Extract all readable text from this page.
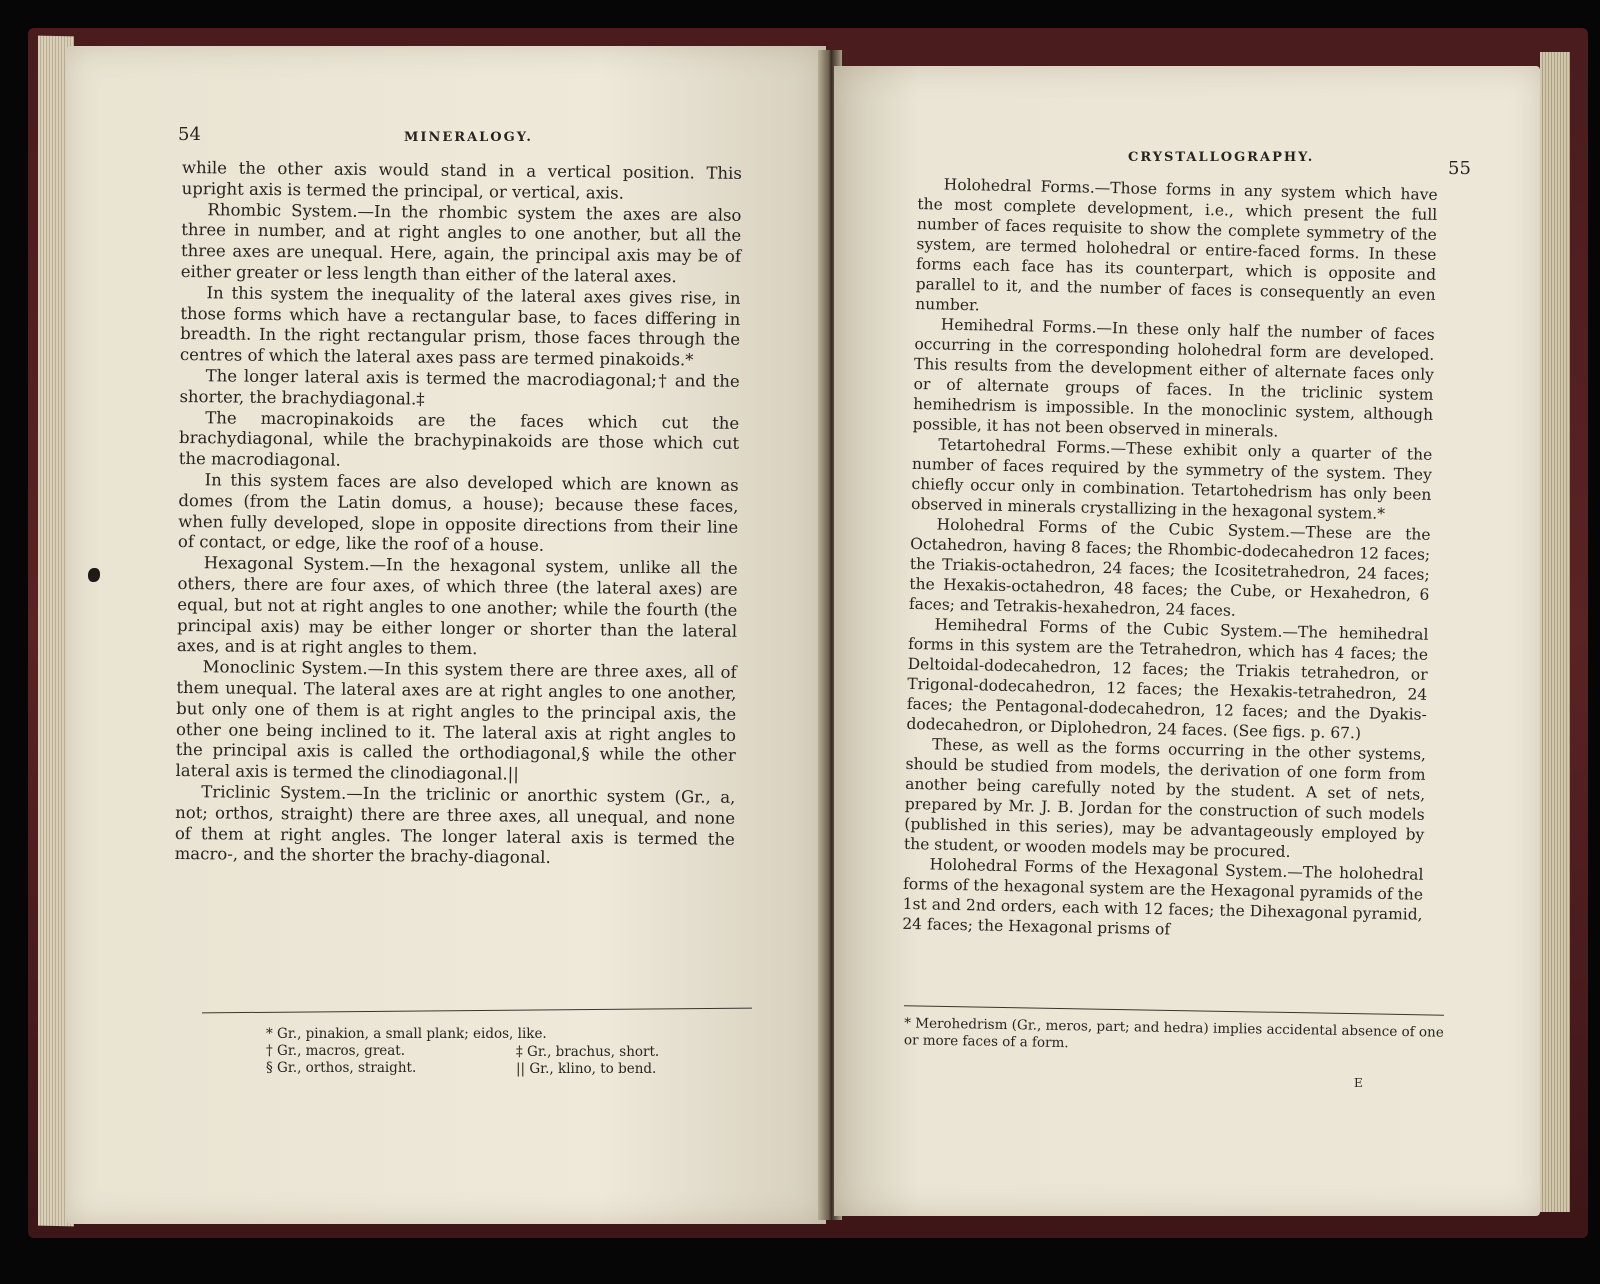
54	MINERALOGY.

while the other axis would stand in a vertical position. This upright axis is termed the principal, or vertical, axis.

Rhombic System.—In the rhombic system the axes are also three in number, and at right angles to one another, but all the three axes are unequal. Here, again, the principal axis may be of either greater or less length than either of the lateral axes.

In this system the inequality of the lateral axes gives rise, in those forms which have a rectangular base, to faces differing in breadth. In the right rectangular prism, those faces through the centres of which the lateral axes pass are termed pinakoids.*

The longer lateral axis is termed the macrodiagonal;† and the shorter, the brachydiagonal.‡

The macropinakoids are the faces which cut the brachydiagonal, while the brachypinakoids are those which cut the macrodiagonal.

In this system faces are also developed which are known as domes (from the Latin domus, a house); because these faces, when fully developed, slope in opposite directions from their line of contact, or edge, like the roof of a house.

Hexagonal System.—In the hexagonal system, unlike all the others, there are four axes, of which three (the lateral axes) are equal, but not at right angles to one another; while the fourth (the principal axis) may be either longer or shorter than the lateral axes, and is at right angles to them.

Monoclinic System.—In this system there are three axes, all of them unequal. The lateral axes are at right angles to one another, but only one of them is at right angles to the principal axis, the other one being inclined to it. The lateral axis at right angles to the principal axis is called the orthodiagonal,§ while the other lateral axis is termed the clinodiagonal.||

Triclinic System.—In the triclinic or anorthic system (Gr., a, not; orthos, straight) there are three axes, all unequal, and none of them at right angles. The longer lateral axis is termed the macro-, and the shorter the brachy-diagonal.

* Gr., pinakion, a small plank; eidos, like.
† Gr., macros, great.
§ Gr., orthos, straight.
‡ Gr., brachus, short.
|| Gr., klino, to bend.
CRYSTALLOGRAPHY.
55

Holohedral Forms.—Those forms in any system which have the most complete development, i.e., which present the full number of faces requisite to show the complete symmetry of the system, are termed holohedral or entire-faced forms. In these forms each face has its counterpart, which is opposite and parallel to it, and the number of faces is consequently an even number.

Hemihedral Forms.—In these only half the number of faces occurring in the corresponding holohedral form are developed. This results from the development either of alternate faces only or of alternate groups of faces. In the triclinic system hemihedrism is impossible. In the monoclinic system, although possible, it has not been observed in minerals.

Tetartohedral Forms.—These exhibit only a quarter of the number of faces required by the symmetry of the system. They chiefly occur only in combination. Tetartohedrism has only been observed in minerals crystallizing in the hexagonal system.*

Holohedral Forms of the Cubic System.—These are the Octahedron, having 8 faces; the Rhombic-dodecahedron 12 faces; the Triakis-octahedron, 24 faces; the Icositetrahedron, 24 faces; the Hexakis-octahedron, 48 faces; the Cube, or Hexahedron, 6 faces; and Tetrakis-hexahedron, 24 faces.

Hemihedral Forms of the Cubic System.—The hemihedral forms in this system are the Tetrahedron, which has 4 faces; the Deltoidal-dodecahedron, 12 faces; the Triakis tetrahedron, or Trigonal-dodecahedron, 12 faces; the Hexakis-tetrahedron, 24 faces; the Pentagonal-dodecahedron, 12 faces; and the Dyakis-dodecahedron, or Diplohedron, 24 faces. (See figs. p. 67.)

These, as well as the forms occurring in the other systems, should be studied from models, the derivation of one form from another being carefully noted by the student. A set of nets, prepared by Mr. J. B. Jordan for the construction of such models (published in this series), may be advantageously employed by the student, or wooden models may be procured.

Holohedral Forms of the Hexagonal System.—The holohedral forms of the hexagonal system are the Hexagonal pyramids of the 1st and 2nd orders, each with 12 faces; the Dihexagonal pyramid, 24 faces; the Hexagonal prisms of

* Merohedrism (Gr., meros, part; and hedra) implies accidental absence of one or more faces of a form.
E
